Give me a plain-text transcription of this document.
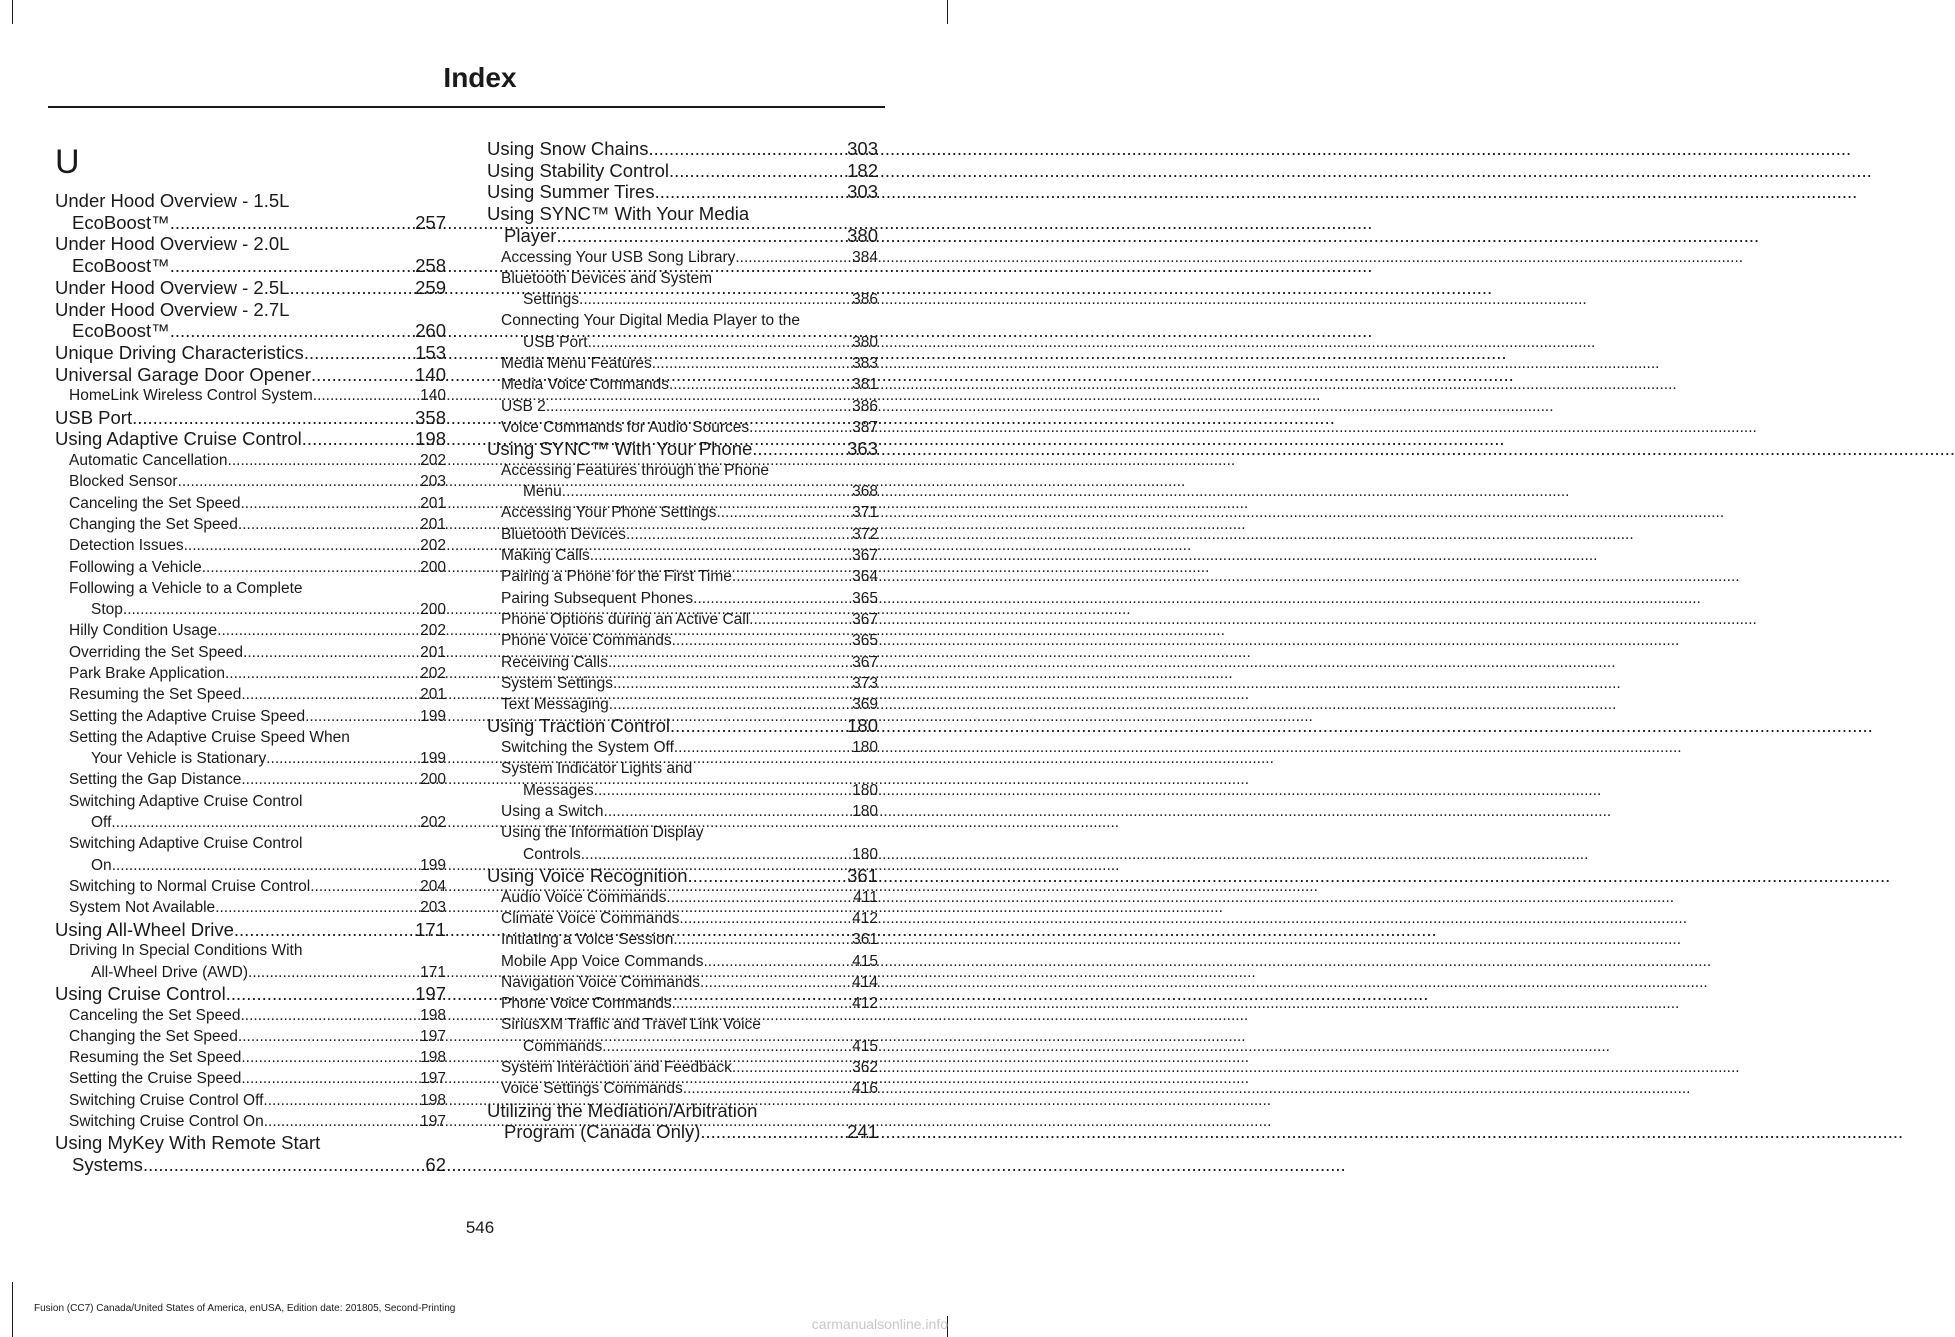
Index
U
Under Hood Overview - 1.5L
EcoBoost™ .....	257
Under Hood Overview - 2.0L
EcoBoost™ .....	258
Under Hood Overview - 2.5L .....	259
Under Hood Overview - 2.7L
EcoBoost™ .....	260
Unique Driving Characteristics .....	153
Universal Garage Door Opener .....	140
HomeLink Wireless Control System .....	140
USB Port .....	358
Using Adaptive Cruise Control .....	198
Automatic Cancellation .....	202
Blocked Sensor .....	203
Canceling the Set Speed .....	201
Changing the Set Speed .....	201
Detection Issues .....	202
Following a Vehicle .....	200
Following a Vehicle to a Complete
Stop .....	200
Hilly Condition Usage .....	202
Overriding the Set Speed .....	201
Park Brake Application .....	202
Resuming the Set Speed .....	201
Setting the Adaptive Cruise Speed .....	199
Setting the Adaptive Cruise Speed When
Your Vehicle is Stationary .....	199
Setting the Gap Distance .....	200
Switching Adaptive Cruise Control
Off .....	202
Switching Adaptive Cruise Control
On .....	199
Switching to Normal Cruise Control .....	204
System Not Available .....	203
Using All-Wheel Drive .....	171
Driving In Special Conditions With
All-Wheel Drive (AWD) .....	171
Using Cruise Control .....	197
Canceling the Set Speed .....	198
Changing the Set Speed .....	197
Resuming the Set Speed .....	198
Setting the Cruise Speed .....	197
Switching Cruise Control Off .....	198
Switching Cruise Control On .....	197
Using MyKey With Remote Start
Systems .....	62
Using Snow Chains .....	303
Using Stability Control .....	182
Using Summer Tires .....	303
Using SYNC™ With Your Media
Player .....	380
Accessing Your USB Song Library .....	384
Bluetooth Devices and System
Settings .....	386
Connecting Your Digital Media Player to the
USB Port .....	380
Media Menu Features .....	383
Media Voice Commands .....	381
USB 2 .....	386
Voice Commands for Audio Sources .....	387
Using SYNC™ With Your Phone .....	363
Accessing Features through the Phone
Menu .....	368
Accessing Your Phone Settings .....	371
Bluetooth Devices .....	372
Making Calls .....	367
Pairing a Phone for the First Time .....	364
Pairing Subsequent Phones .....	365
Phone Options during an Active Call .....	367
Phone Voice Commands .....	365
Receiving Calls .....	367
System Settings .....	373
Text Messaging .....	369
Using Traction Control .....	180
Switching the System Off .....	180
System Indicator Lights and
Messages .....	180
Using a Switch .....	180
Using the Information Display
Controls .....	180
Using Voice Recognition .....	361
Audio Voice Commands .....	411
Climate Voice Commands .....	412
Initiating a Voice Session .....	361
Mobile App Voice Commands .....	415
Navigation Voice Commands .....	414
Phone Voice Commands .....	412
SiriusXM Traffic and Travel Link Voice
Commands .....	415
System Interaction and Feedback .....	362
Voice Settings Commands .....	416
Utilizing the Mediation/Arbitration
Program (Canada Only) .....	241
546
Fusion (CC7) Canada/United States of America, enUSA, Edition date: 201805, Second-Printing
carmanualsonline.info
